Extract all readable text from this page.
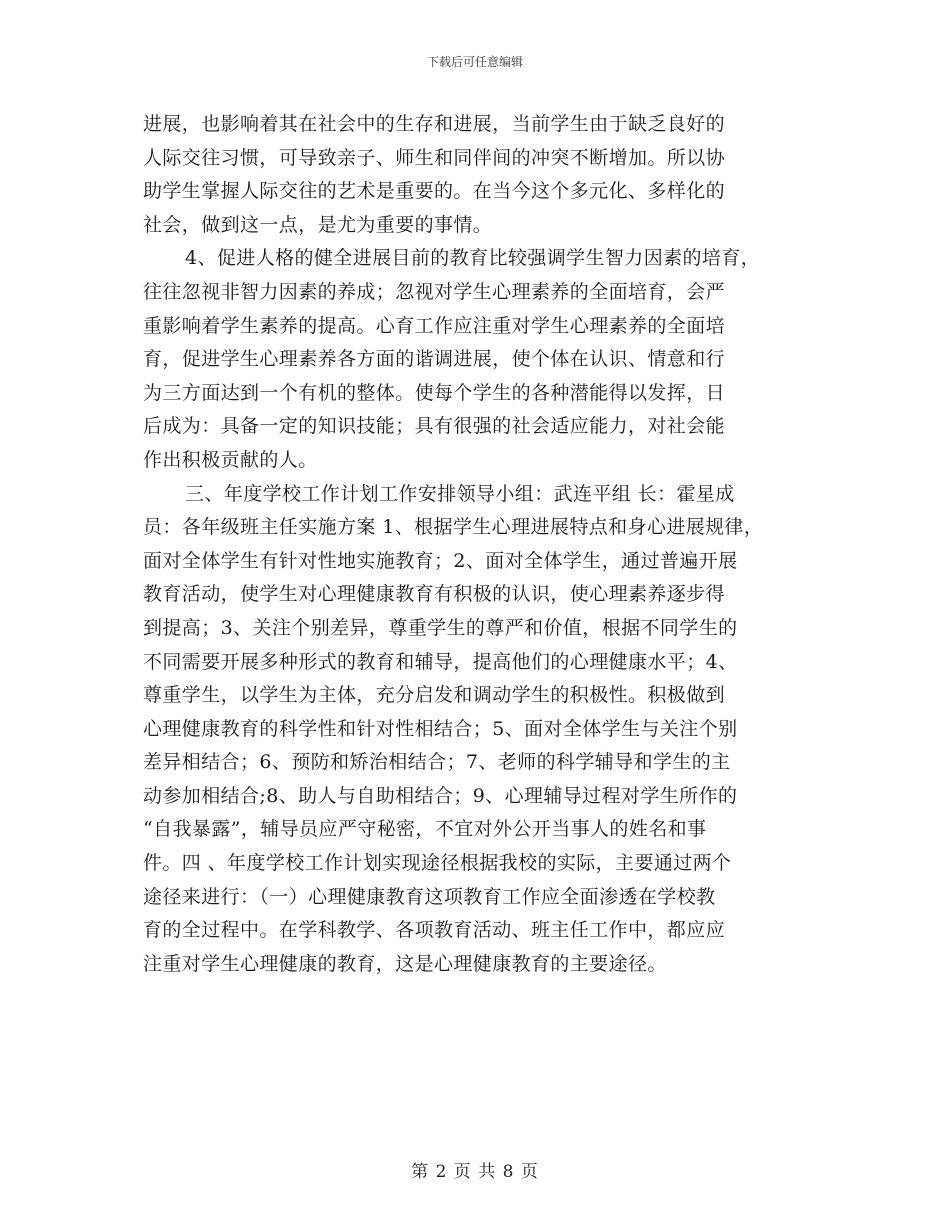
下载后可任意编辑
进展，也影响着其在社会中的生存和进展，当前学生由于缺乏良好的
人际交往习惯，可导致亲子、师生和同伴间的冲突不断增加。所以协
助学生掌握人际交往的艺术是重要的。在当今这个多元化、多样化的
社会，做到这一点，是尤为重要的事情。
4、促进人格的健全进展目前的教育比较强调学生智力因素的培育，
往往忽视非智力因素的养成；忽视对学生心理素养的全面培育，会严
重影响着学生素养的提高。心育工作应注重对学生心理素养的全面培
育，促进学生心理素养各方面的谐调进展，使个体在认识、情意和行
为三方面达到一个有机的整体。使每个学生的各种潜能得以发挥，日
后成为：具备一定的知识技能；具有很强的社会适应能力，对社会能
作出积极贡献的人。
三、年度学校工作计划工作安排领导小组：武连平组 长：霍星成
员：各年级班主任实施方案 1、根据学生心理进展特点和身心进展规律，
面对全体学生有针对性地实施教育；2、面对全体学生，通过普遍开展
教育活动，使学生对心理健康教育有积极的认识，使心理素养逐步得
到提高；3、关注个别差异，尊重学生的尊严和价值，根据不同学生的
不同需要开展多种形式的教育和辅导，提高他们的心理健康水平；4、
尊重学生，以学生为主体，充分启发和调动学生的积极性。积极做到
心理健康教育的科学性和针对性相结合；5、面对全体学生与关注个别
差异相结合；6、预防和矫治相结合；7、老师的科学辅导和学生的主
动参加相结合;8、助人与自助相结合；9、心理辅导过程对学生所作的
“自我暴露”，辅导员应严守秘密，不宜对外公开当事人的姓名和事
件。四 、年度学校工作计划实现途径根据我校的实际，主要通过两个
途径来进行：（一）心理健康教育这项教育工作应全面渗透在学校教
育的全过程中。在学科教学、各项教育活动、班主任工作中，都应应
注重对学生心理健康的教育，这是心理健康教育的主要途径。
第 2 页 共 8 页
